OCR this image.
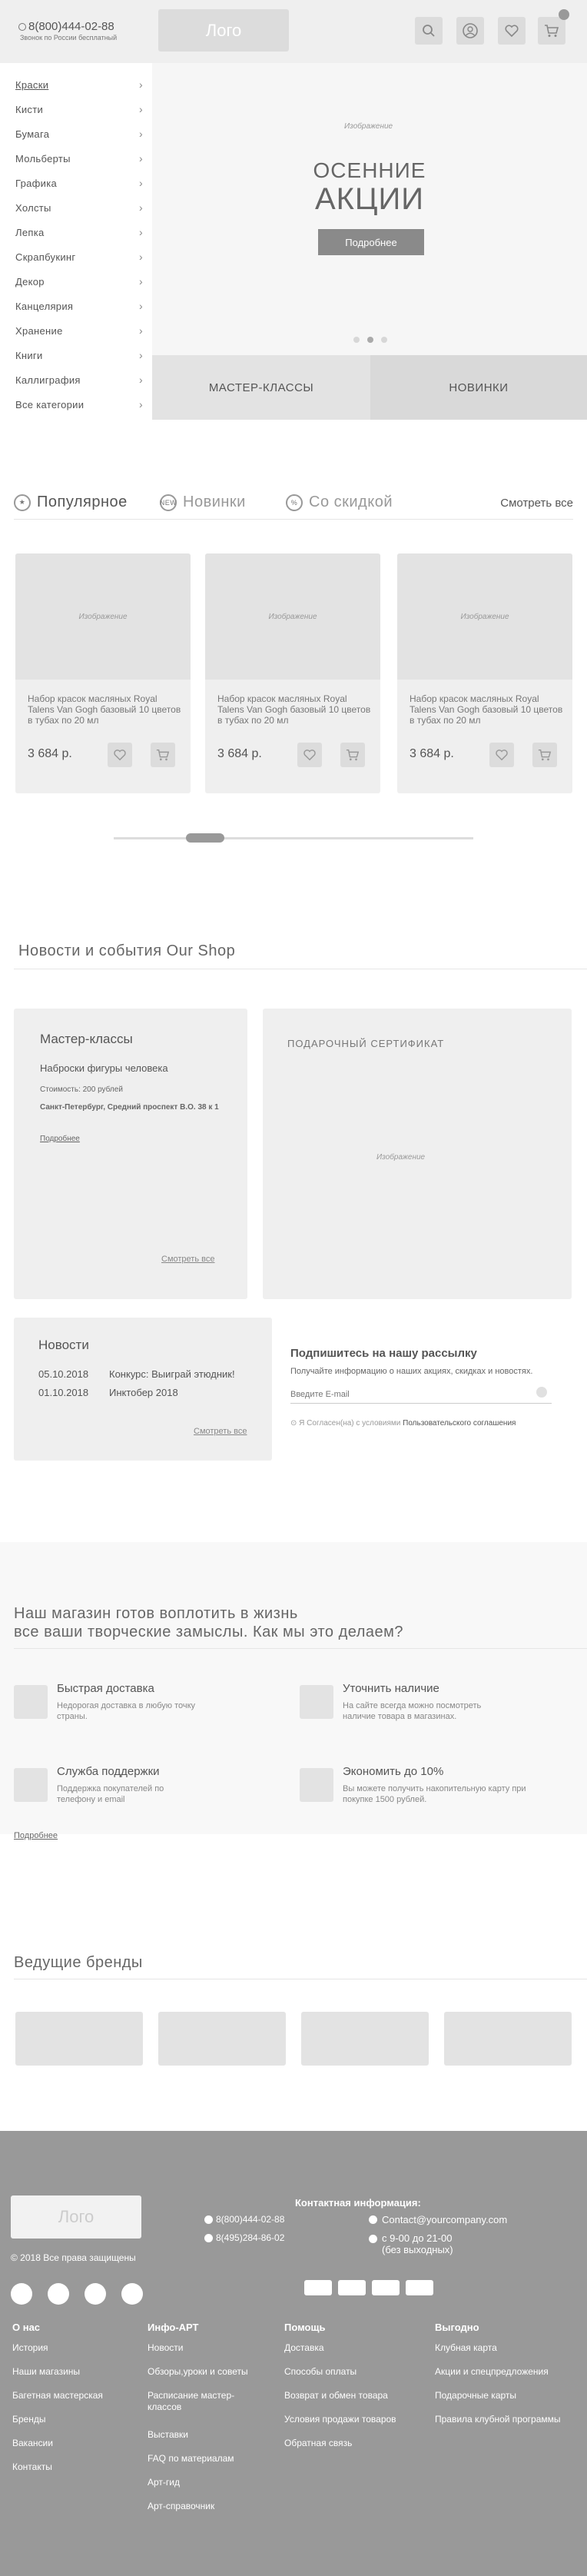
8(800)444-02-88
Звонок по России бесплатный	Лого
Краски	›
Кисти	›
Бумага	›
Мольберты	›
Графика	›
Холсты	›
Лепка	›
Скрапбукинг	›
Декор	›
Канцелярия	›
Хранение	›
Книги	›
Каллиграфия	›
Все категории	›
Изображение
ОСЕННИЕ
АКЦИИ
Подробнее
МАСТЕР-КЛАССЫ	НОВИНКИ
★ Популярное	NEW Новинки	% Со скидкой	Смотреть все
Изображение
Набор красок масляных Royal Talens Van Gogh базовый 10 цветов в тубах по 20 мл
3 684 р.
Изображение
Набор красок масляных Royal Talens Van Gogh базовый 10 цветов в тубах по 20 мл
3 684 р.
Изображение
Набор красок масляных Royal Talens Van Gogh базовый 10 цветов в тубах по 20 мл
3 684 р.
Новости и события Our Shop
Мастер-классы
Наброски фигуры человека
Стоимость: 200 рублей
Санкт-Петербург, Средний проспект В.О. 38 к 1
Подробнее
Смотреть все
ПОДАРОЧНЫЙ СЕРТИФИКАТ
Изображение
Новости
05.10.2018 Конкурс: Выиграй этюдник!
01.10.2018 Инктобер 2018
Смотреть все
Подпишитесь на нашу рассылку
Получайте информацию о наших акциях, скидках и новостях.
Введите E-mail
⊙ Я Согласен(на) с условиями Пользовательского соглашения
Наш магазин готов воплотить в жизнь
все ваши творческие замыслы. Как мы это делаем?
Быстрая доставка
Недорогая доставка в любую точку страны.
Уточнить наличие
На сайте всегда можно посмотреть наличие товара в магазинах.
Служба поддержки
Поддержка покупателей по телефону и email
Экономить до 10%
Вы можете получить накопительную карту при покупке 1500 рублей.
Подробнее
Ведущие бренды
Лого
© 2018 Все права защищены
Контактная информация:
8(800)444-02-88
8(495)284-86-02
Contact@yourcompany.com
с 9-00 до 21-00
(без выходных)
О нас
История
Наши магазины
Багетная мастерская
Бренды
Вакансии
Контакты
Инфо-АРТ
Новости
Обзоры,уроки и советы
Расписание мастер-классов
Выставки
FAQ по материалам
Арт-гид
Арт-справочник
Помощь
Доставка
Способы оплаты
Возврат и обмен товара
Условия продажи товаров
Обратная связь
Выгодно
Клубная карта
Акции и спецпредложения
Подарочные карты
Правила клубной программы
